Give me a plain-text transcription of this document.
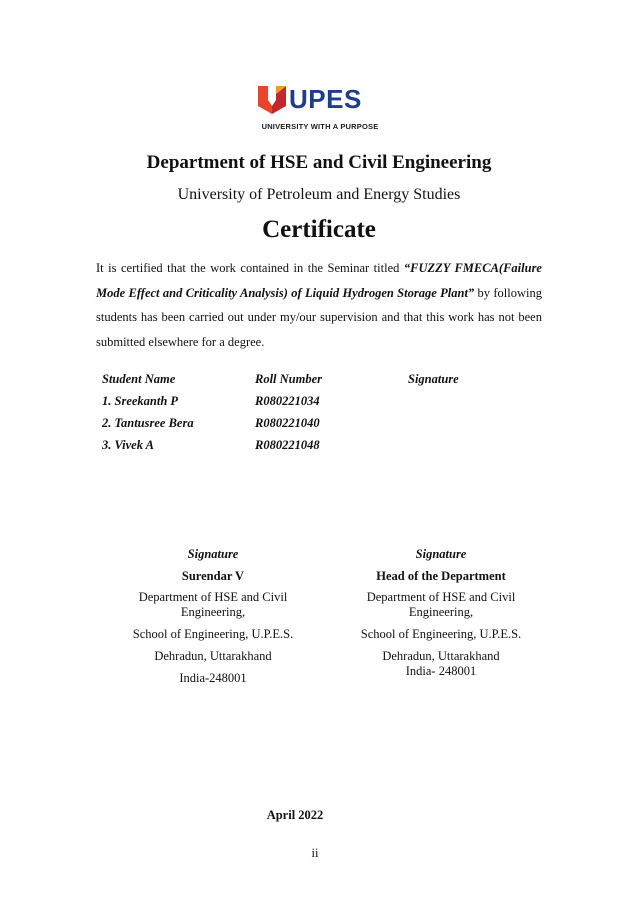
UPES
UNIVERSITY WITH A PURPOSE
Department of HSE and Civil Engineering
University of Petroleum and Energy Studies
Certificate
It is certified that the work contained in the Seminar titled “FUZZY FMECA(Failure Mode Effect and Criticality Analysis) of Liquid Hydrogen Storage Plant” by following students has been carried out under my/our supervision and that this work has not been submitted elsewhere for a degree.
Student Name	Roll Number	Signature
1. Sreekanth P	R080221034
2. Tantusree Bera	R080221040
3. Vivek A	R080221048
Signature
Surendar V
Department of HSE and Civil
Engineering,
School of Engineering, U.P.E.S.
Dehradun, Uttarakhand
India-248001
Signature
Head of the Department
Department of HSE and Civil
Engineering,
School of Engineering, U.P.E.S.
Dehradun, Uttarakhand
India- 248001
April 2022
ii
